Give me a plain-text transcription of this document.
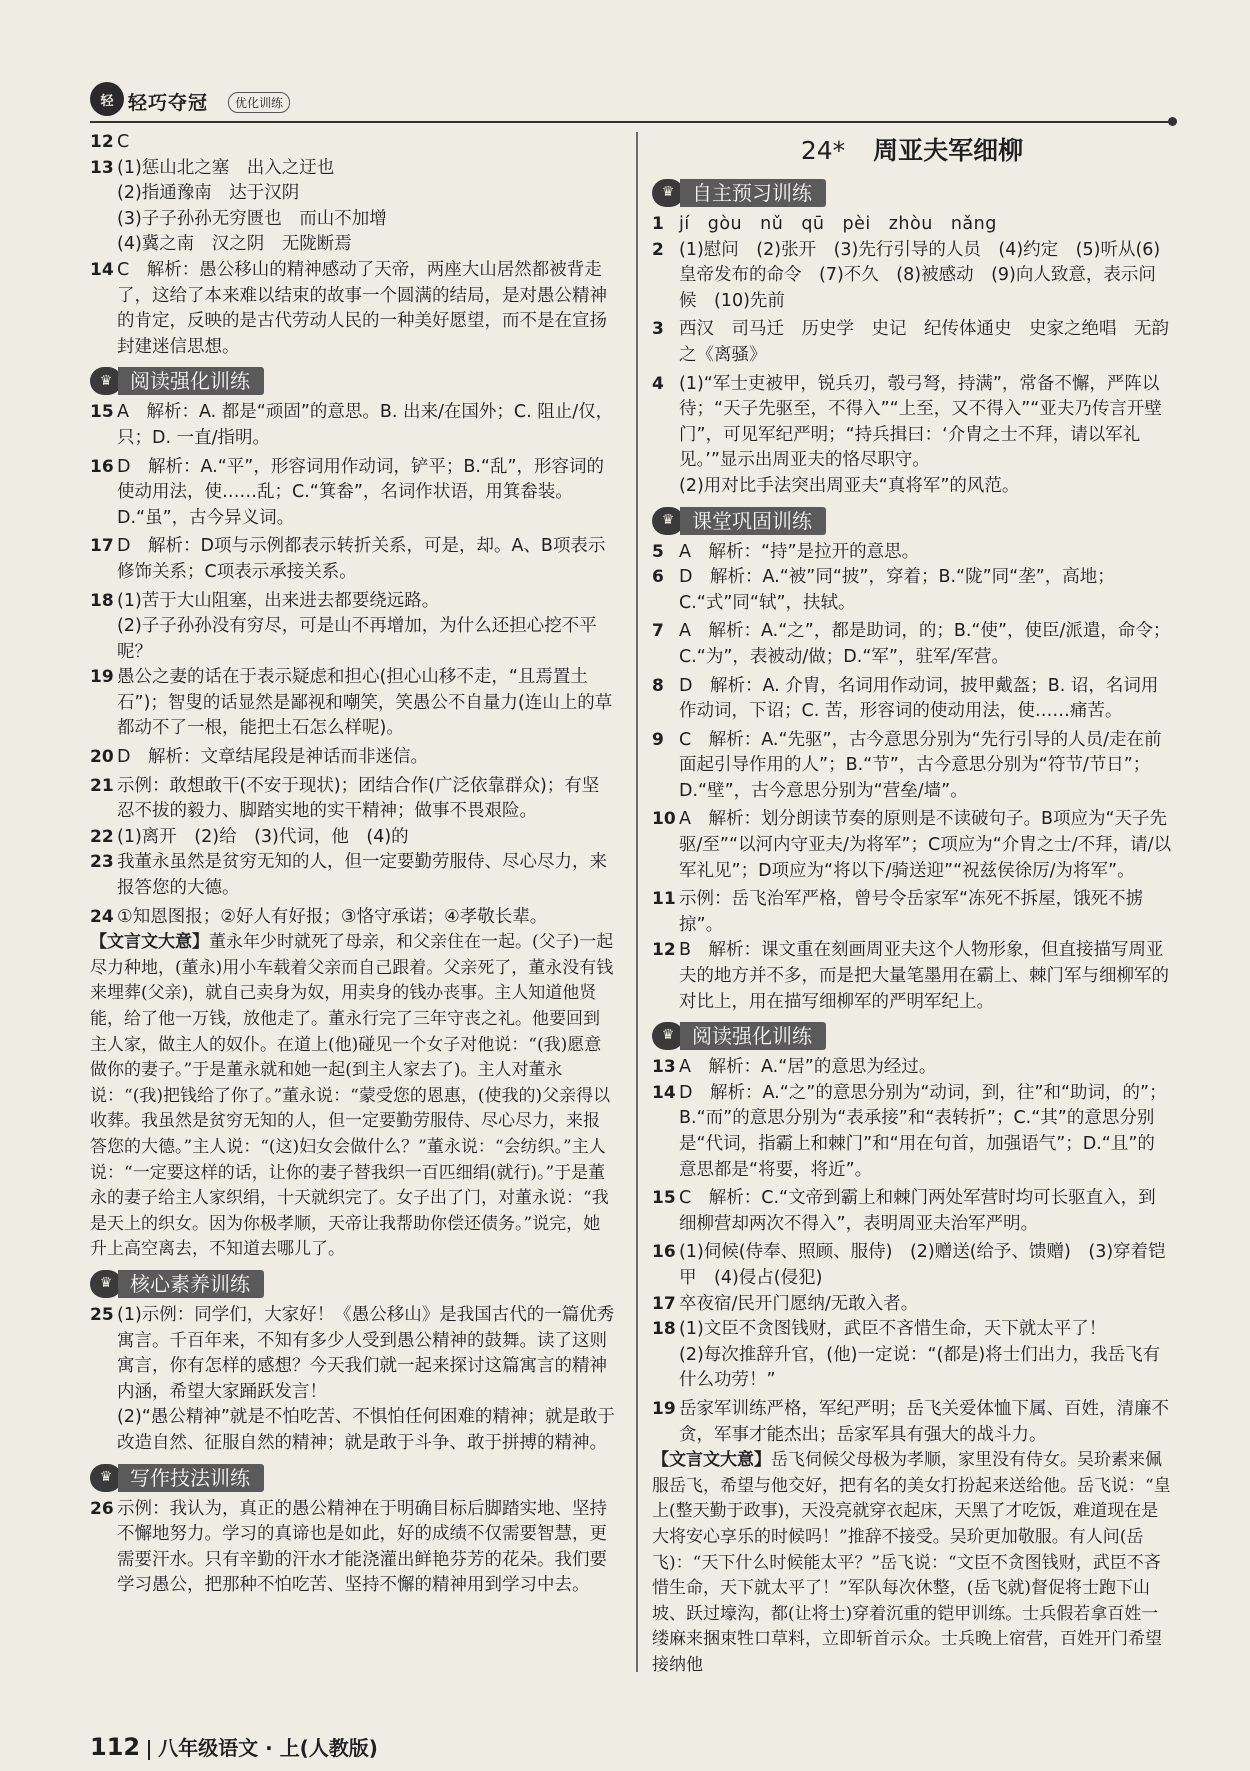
轻 轻巧夺冠	优化训练
12 C
13 (1)惩山北之塞　出入之迂也
(2)指通豫南　达于汉阴
(3)子子孙孙无穷匮也　而山不加增
(4)冀之南　汉之阴　无陇断焉
14 C　解析：愚公移山的精神感动了天帝，两座大山居然都被背走了，这给了本来难以结束的故事一个圆满的结局，是对愚公精神的肯定，反映的是古代劳动人民的一种美好愿望，而不是在宣扬封建迷信思想。
♛ 阅读强化训练
15 A　解析：A. 都是“顽固”的意思。B. 出来/在国外；C. 阻止/仅，只；D. 一直/指明。
16 D　解析：A.“平”，形容词用作动词，铲平；B.“乱”，形容词的使动用法，使……乱；C.“箕畚”，名词作状语，用箕畚装。D.“虽”，古今异义词。
17 D　解析：D项与示例都表示转折关系，可是，却。A、B项表示修饰关系；C项表示承接关系。
18 (1)苦于大山阻塞，出来进去都要绕远路。
(2)子子孙孙没有穷尽，可是山不再增加，为什么还担心挖不平呢？
19 愚公之妻的话在于表示疑虑和担心(担心山移不走，“且焉置土石”)；智叟的话显然是鄙视和嘲笑，笑愚公不自量力(连山上的草都动不了一根，能把土石怎么样呢)。
20 D　解析：文章结尾段是神话而非迷信。
21 示例：敢想敢干(不安于现状)；团结合作(广泛依靠群众)；有坚忍不拔的毅力、脚踏实地的实干精神；做事不畏艰险。
22 (1)离开　(2)给　(3)代词，他　(4)的
23 我董永虽然是贫穷无知的人，但一定要勤劳服侍、尽心尽力，来报答您的大德。
24 ①知恩图报；②好人有好报；③恪守承诺；④孝敬长辈。
【文言文大意】董永年少时就死了母亲，和父亲住在一起。(父子)一起尽力种地，(董永)用小车载着父亲而自己跟着。父亲死了，董永没有钱来埋葬(父亲)，就自己卖身为奴，用卖身的钱办丧事。主人知道他贤能，给了他一万钱，放他走了。董永行完了三年守丧之礼。他要回到主人家，做主人的奴仆。在道上(他)碰见一个女子对他说：“(我)愿意做你的妻子。”于是董永就和她一起(到主人家去了)。主人对董永说：“(我)把钱给了你了。”董永说：“蒙受您的恩惠，(使我的)父亲得以收葬。我虽然是贫穷无知的人，但一定要勤劳服侍、尽心尽力，来报答您的大德。”主人说：“(这)妇女会做什么？”董永说：“会纺织。”主人说：“一定要这样的话，让你的妻子替我织一百匹细绢(就行)。”于是董永的妻子给主人家织绢，十天就织完了。女子出了门，对董永说：“我是天上的织女。因为你极孝顺，天帝让我帮助你偿还债务。”说完，她升上高空离去，不知道去哪儿了。
♛ 核心素养训练
25 (1)示例：同学们，大家好！《愚公移山》是我国古代的一篇优秀寓言。千百年来，不知有多少人受到愚公精神的鼓舞。读了这则寓言，你有怎样的感想？今天我们就一起来探讨这篇寓言的精神内涵，希望大家踊跃发言！
(2)“愚公精神”就是不怕吃苦、不惧怕任何困难的精神；就是敢于改造自然、征服自然的精神；就是敢于斗争、敢于拼搏的精神。
♛ 写作技法训练
26 示例：我认为，真正的愚公精神在于明确目标后脚踏实地、坚持不懈地努力。学习的真谛也是如此，好的成绩不仅需要智慧，更需要汗水。只有辛勤的汗水才能浇灌出鲜艳芬芳的花朵。我们要学习愚公，把那种不怕吃苦、坚持不懈的精神用到学习中去。
24* 周亚夫军细柳
♛ 自主预习训练
1 jí　gòu　nǔ　qū　pèi　zhòu　nǎng
2 (1)慰问　(2)张开　(3)先行引导的人员　(4)约定　(5)听从(6)皇帝发布的命令　(7)不久　(8)被感动　(9)向人致意，表示问候　(10)先前
3 西汉　司马迁　历史学　史记　纪传体通史　史家之绝唱　无韵之《离骚》
4 (1)“军士吏被甲，锐兵刃，彀弓弩，持满”，常备不懈，严阵以待；“天子先驱至，不得入”“上至，又不得入”“亚夫乃传言开壁门”，可见军纪严明；“持兵揖曰：‘介胄之士不拜，请以军礼见。’”显示出周亚夫的恪尽职守。
(2)用对比手法突出周亚夫“真将军”的风范。
♛ 课堂巩固训练
5 A　解析：“持”是拉开的意思。
6 D　解析：A.“被”同“披”，穿着；B.“陇”同“垄”，高地；C.“式”同“轼”，扶轼。
7 A　解析：A.“之”，都是助词，的；B.“使”，使臣/派遣，命令；C.“为”，表被动/做；D.“军”，驻军/军营。
8 D　解析：A. 介胄，名词用作动词，披甲戴盔；B. 诏，名词用作动词，下诏；C. 苦，形容词的使动用法，使……痛苦。
9 C　解析：A.“先驱”，古今意思分别为“先行引导的人员/走在前面起引导作用的人”；B.“节”，古今意思分别为“符节/节日”；D.“壁”，古今意思分别为“营垒/墙”。
10 A　解析：划分朗读节奏的原则是不读破句子。B项应为“天子先驱/至”“以河内守亚夫/为将军”；C项应为“介胄之士/不拜，请/以军礼见”；D项应为“将以下/骑送迎”“祝兹侯徐厉/为将军”。
11 示例：岳飞治军严格，曾号令岳家军“冻死不拆屋，饿死不掳掠”。
12 B　解析：课文重在刻画周亚夫这个人物形象，但直接描写周亚夫的地方并不多，而是把大量笔墨用在霸上、棘门军与细柳军的对比上，用在描写细柳军的严明军纪上。
♛ 阅读强化训练
13 A　解析：A.“居”的意思为经过。
14 D　解析：A.“之”的意思分别为“动词，到，往”和“助词，的”；B.“而”的意思分别为“表承接”和“表转折”；C.“其”的意思分别是“代词，指霸上和棘门”和“用在句首，加强语气”；D.“且”的意思都是“将要，将近”。
15 C　解析：C.“文帝到霸上和棘门两处军营时均可长驱直入，到细柳营却两次不得入”，表明周亚夫治军严明。
16 (1)伺候(侍奉、照顾、服侍)　(2)赠送(给予、馈赠)　(3)穿着铠甲　(4)侵占(侵犯)
17 卒夜宿/民开门愿纳/无敢入者。
18 (1)文臣不贪图钱财，武臣不吝惜生命，天下就太平了！
(2)每次推辞升官，(他)一定说：“(都是)将士们出力，我岳飞有什么功劳！”
19 岳家军训练严格，军纪严明；岳飞关爱体恤下属、百姓，清廉不贪，军事才能杰出；岳家军具有强大的战斗力。
【文言文大意】岳飞伺候父母极为孝顺，家里没有侍女。吴玠素来佩服岳飞，希望与他交好，把有名的美女打扮起来送给他。岳飞说：“皇上(整天勤于政事)，天没亮就穿衣起床，天黑了才吃饭，难道现在是大将安心享乐的时候吗！”推辞不接受。吴玠更加敬服。有人问(岳飞)：“天下什么时候能太平？”岳飞说：“文臣不贪图钱财，武臣不吝惜生命，天下就太平了！”军队每次休整，(岳飞就)督促将士跑下山坡、跃过壕沟，都(让将士)穿着沉重的铠甲训练。士兵假若拿百姓一缕麻来捆束牲口草料，立即斩首示众。士兵晚上宿营，百姓开门希望接纳他
112 八年级语文 · 上(人教版)
